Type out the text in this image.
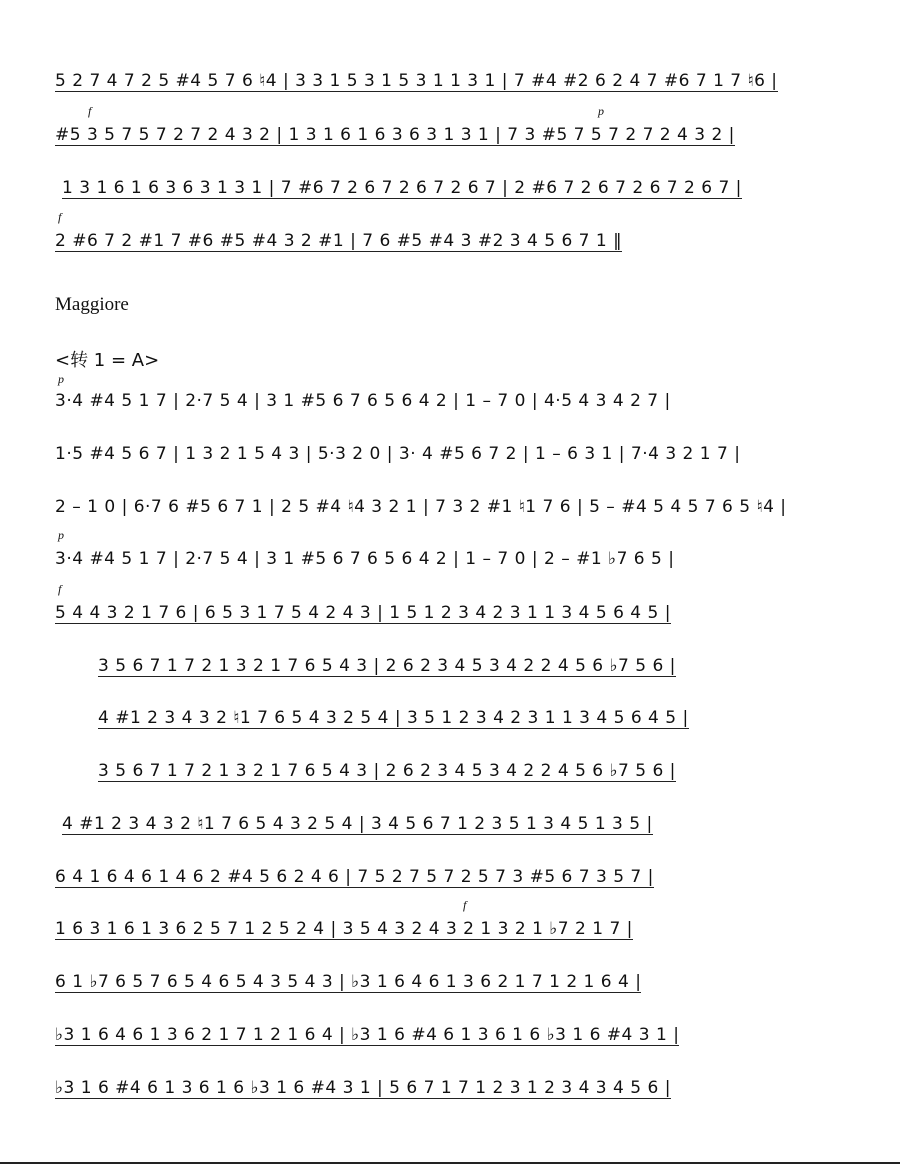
5 2 7 4 7 2 5 #4 5 7 6 ♮4 | 3 3 1 5 3 1 5 3 1 1 3 1 | 7 #4 #2 6 2 4 7 #6 7 1 7 ♮6 |
f	p
#5 3 5 7 5 7 2 7 2 4 3 2 | 1 3 1 6 1 6 3 6 3 1 3 1 | 7 3 #5 7 5 7 2 7 2 4 3 2 |
1 3 1 6 1 6 3 6 3 1 3 1 | 7 #6 7 2 6 7 2 6 7 2 6 7 | 2 #6 7 2 6 7 2 6 7 2 6 7 |
f
2 #6 7 2 #1 7 #6 #5 #4 3 2 #1 | 7 6 #5 #4 3 #2 3 4 5 6 7 1 ‖
Maggiore
<转 1 = A>
p
3·4 #4 5 1 7 | 2·7 5 4 | 3 1 #5 6 7 6 5 6 4 2 | 1 – 7 0 | 4·5 4 3 4 2 7 |
1·5 #4 5 6 7 | 1 3 2 1 5 4 3 | 5·3 2 0 | 3· 4 #5 6 7 2 | 1 – 6 3 1 | 7·4 3 2 1 7 |
2 – 1 0 | 6·7 6 #5 6 7 1 | 2 5 #4 ♮4 3 2 1 | 7 3 2 #1 ♮1 7 6 | 5 – #4 5 4 5 7 6 5 ♮4 |
p
3·4 #4 5 1 7 | 2·7 5 4 | 3 1 #5 6 7 6 5 6 4 2 | 1 – 7 0 | 2 – #1 ♭7 6 5 |
f
5 4 4 3 2 1 7 6 | 6 5 3 1 7 5 4 2 4 3 | 1 5 1 2 3 4 2 3 1 1 3 4 5 6 4 5 |
3 5 6 7 1 7 2 1 3 2 1 7 6 5 4 3 | 2 6 2 3 4 5 3 4 2 2 4 5 6 ♭7 5 6 |
4 #1 2 3 4 3 2 ♮1 7 6 5 4 3 2 5 4 | 3 5 1 2 3 4 2 3 1 1 3 4 5 6 4 5 |
3 5 6 7 1 7 2 1 3 2 1 7 6 5 4 3 | 2 6 2 3 4 5 3 4 2 2 4 5 6 ♭7 5 6 |
4 #1 2 3 4 3 2 ♮1 7 6 5 4 3 2 5 4 | 3 4 5 6 7 1 2 3 5 1 3 4 5 1 3 5 |
6 4 1 6 4 6 1 4 6 2 #4 5 6 2 4 6 | 7 5 2 7 5 7 2 5 7 3 #5 6 7 3 5 7 |
f
1 6 3 1 6 1 3 6 2 5 7 1 2 5 2 4 | 3 5 4 3 2 4 3 2 1 3 2 1 ♭7 2 1 7 |
6 1 ♭7 6 5 7 6 5 4 6 5 4 3 5 4 3 | ♭3 1 6 4 6 1 3 6 2 1 7 1 2 1 6 4 |
♭3 1 6 4 6 1 3 6 2 1 7 1 2 1 6 4 | ♭3 1 6 #4 6 1 3 6 1 6 ♭3 1 6 #4 3 1 |
♭3 1 6 #4 6 1 3 6 1 6 ♭3 1 6 #4 3 1 | 5 6 7 1 7 1 2 3 1 2 3 4 3 4 5 6 |
